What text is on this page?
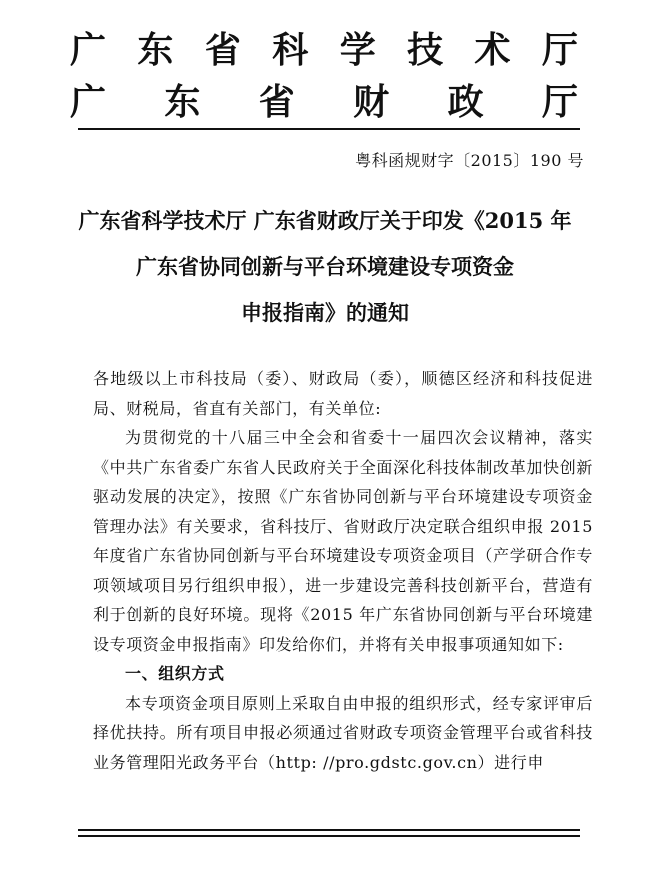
广 东 省 科 学 技 术 厅
广 东 省 财 政 厅
粤科函规财字〔2015〕190 号
广东省科学技术厅 广东省财政厅关于印发《2015 年
广东省协同创新与平台环境建设专项资金
申报指南》的通知

各地级以上市科技局（委）、财政局（委），顺德区经济和科技促进局、财税局，省直有关部门，有关单位:

为贯彻党的十八届三中全会和省委十一届四次会议精神，落实《中共广东省委广东省人民政府关于全面深化科技体制改革加快创新驱动发展的决定》，按照《广东省协同创新与平台环境建设专项资金管理办法》有关要求，省科技厅、省财政厅决定联合组织申报 2015 年度省广东省协同创新与平台环境建设专项资金项目（产学研合作专项领域项目另行组织申报），进一步建设完善科技创新平台，营造有利于创新的良好环境。现将《2015 年广东省协同创新与平台环境建设专项资金申报指南》印发给你们，并将有关申报事项通知如下:

一、组织方式

本专项资金项目原则上采取自由申报的组织形式，经专家评审后择优扶持。所有项目申报必须通过省财政专项资金管理平台或省科技业务管理阳光政务平台（http: //pro.gdstc.gov.cn）进行申
